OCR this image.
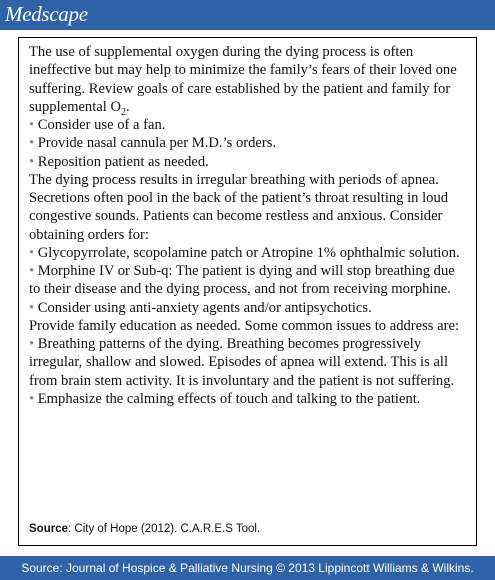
Medscape

The use of supplemental oxygen during the dying process is often ineffective but may help to minimize the family’s fears of their loved one suffering. Review goals of care established by the patient and family for supplemental $O_2$.

• Consider use of a fan.

• Provide nasal cannula per M.D.’s orders.

• Reposition patient as needed.

The dying process results in irregular breathing with periods of apnea. Secretions often pool in the back of the patient’s throat resulting in loud congestive sounds. Patients can become restless and anxious. Consider obtaining orders for:

• Glycopyrrolate, scopolamine patch or Atropine 1% ophthalmic solution.

• Morphine IV or Sub-q: The patient is dying and will stop breathing due to their disease and the dying process, and not from receiving morphine.

• Consider using anti-anxiety agents and/or antipsychotics.

Provide family education as needed. Some common issues to address are:

• Breathing patterns of the dying. Breathing becomes progressively irregular, shallow and slowed. Episodes of apnea will extend. This is all from brain stem activity. It is involuntary and the patient is not suffering.

• Emphasize the calming effects of touch and talking to the patient.

Source: City of Hope (2012). C.A.R.E.S Tool.
Source: Journal of Hospice & Palliative Nursing © 2013 Lippincott Williams & Wilkins.
